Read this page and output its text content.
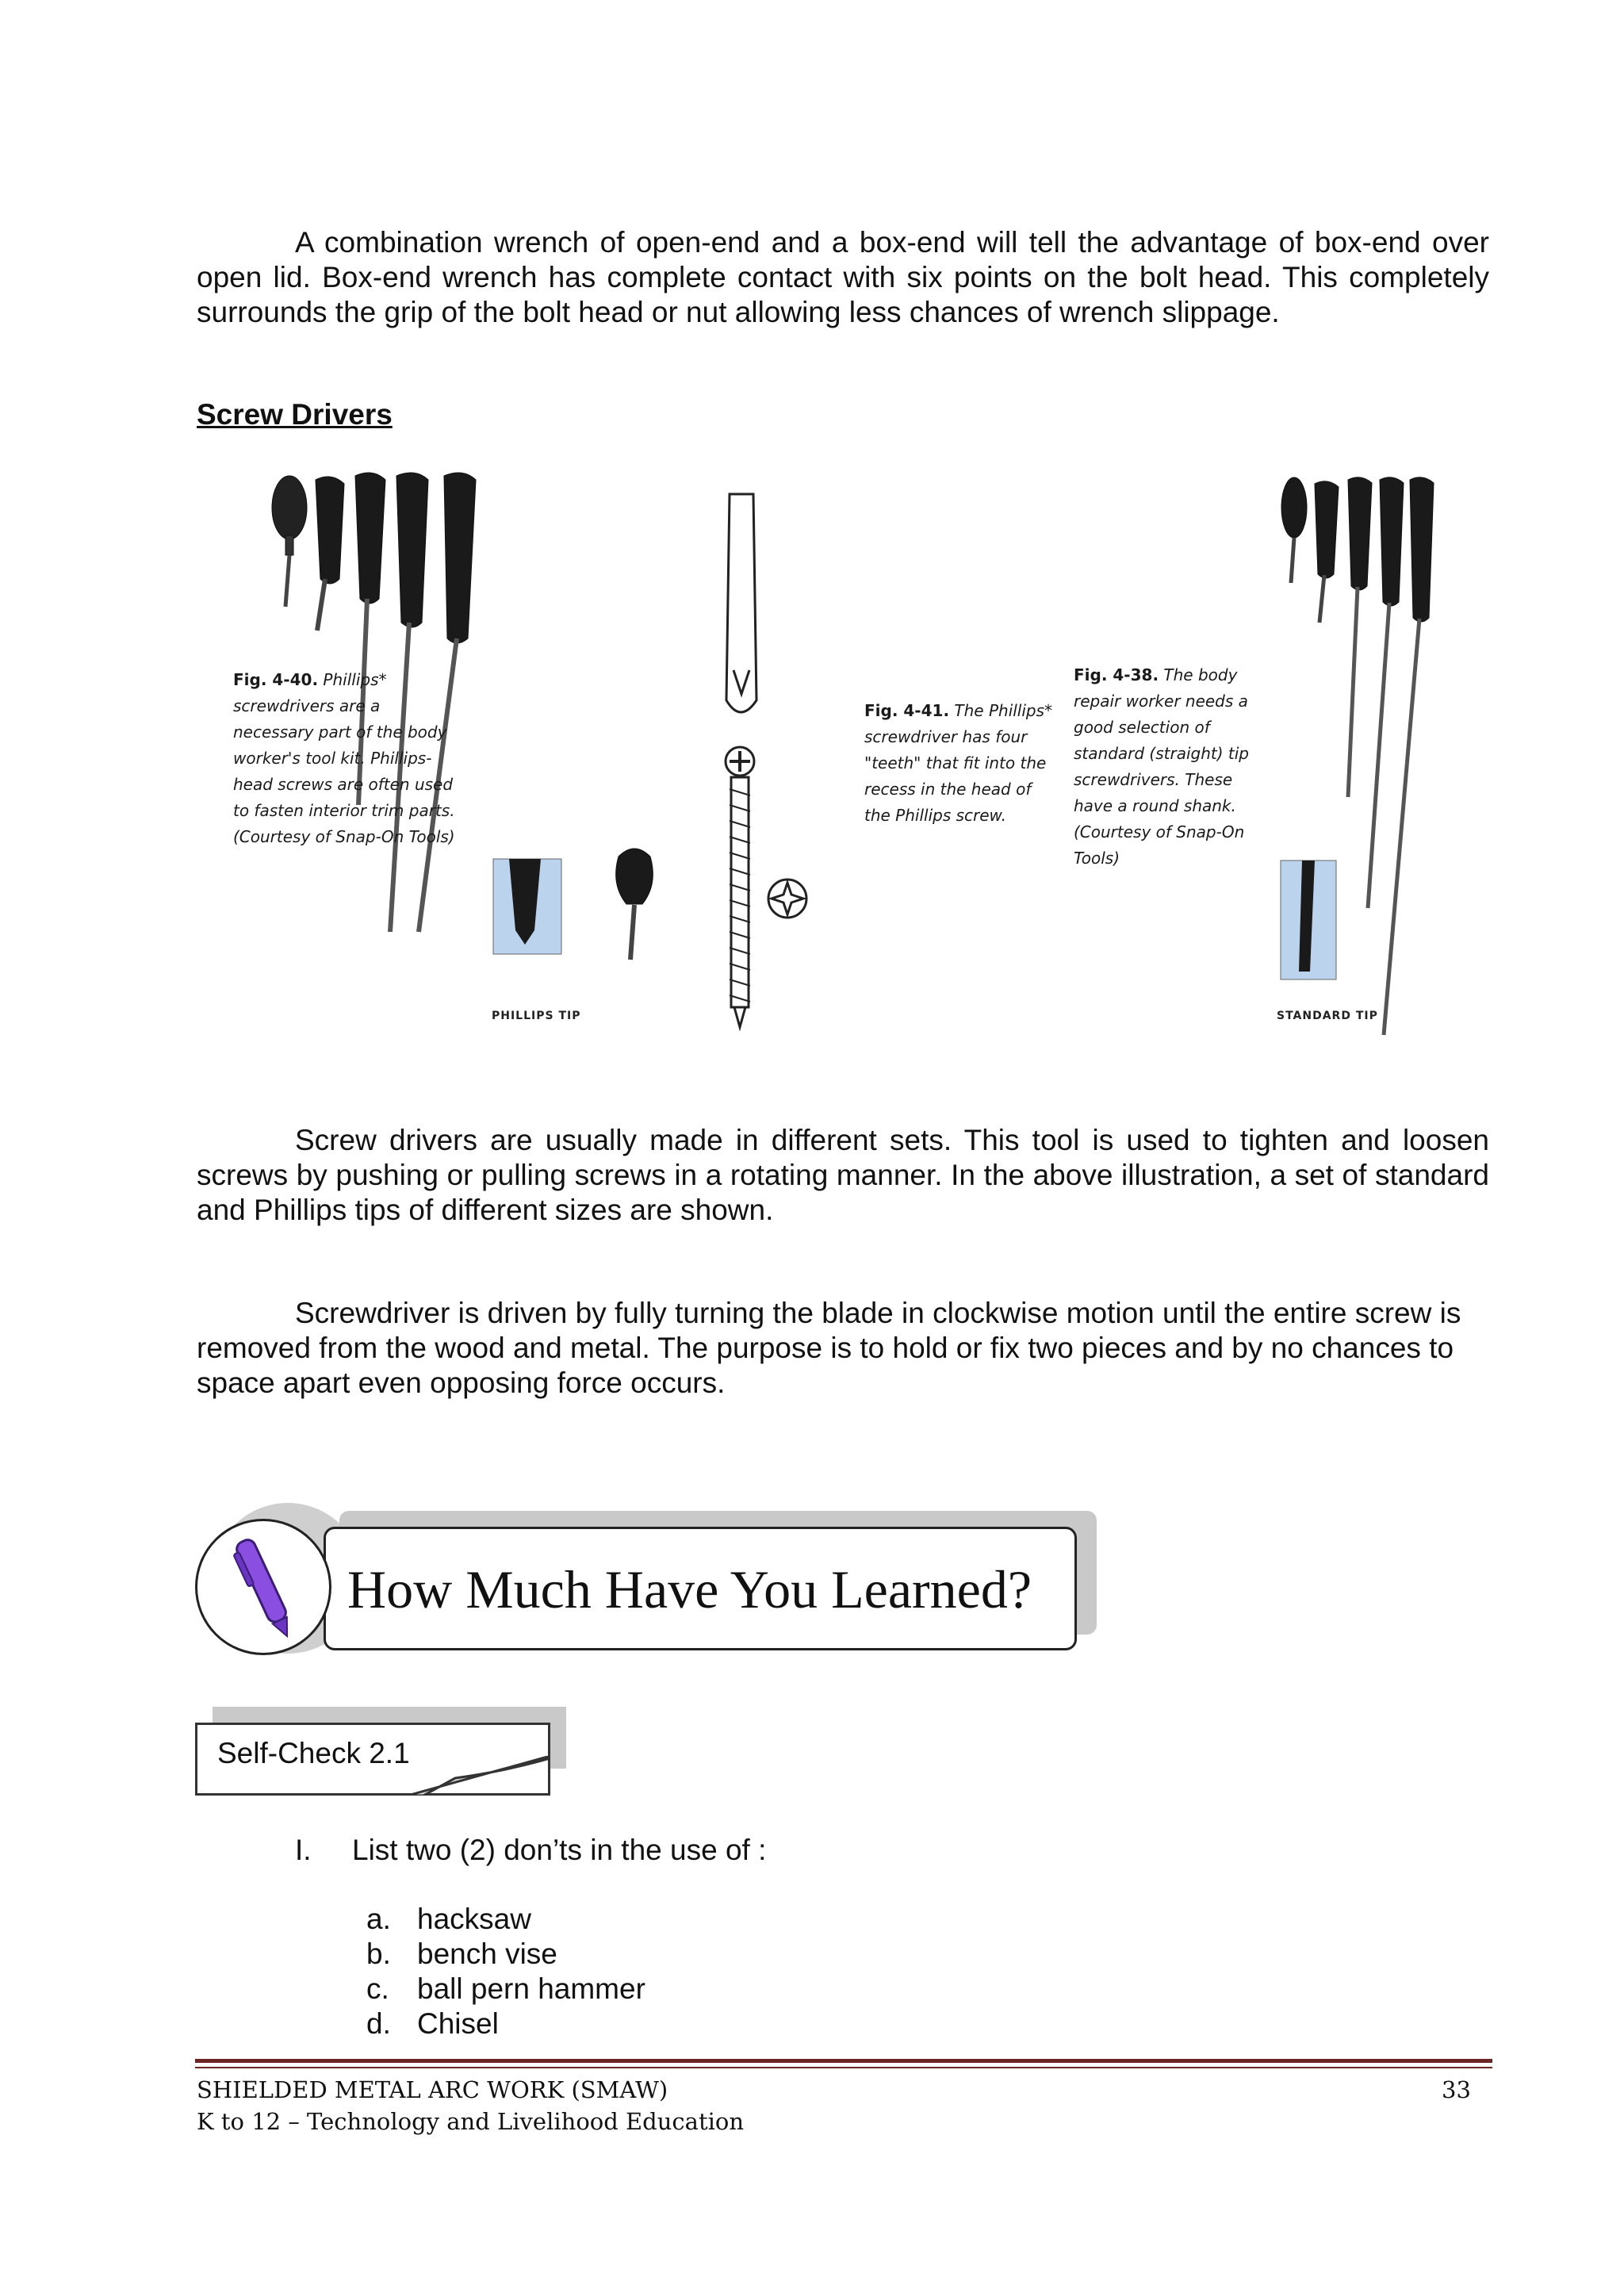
A combination wrench of open-end and a box-end will tell the advantage of box-end over open lid. Box-end wrench has complete contact with six points on the bolt head. This completely surrounds the grip of the bolt head or nut allowing less chances of wrench slippage.

Screw Drivers

Fig. 4-40. Phillips* screwdrivers are a necessary part of the body worker's tool kit. Phillips-head screws are often used to fasten interior trim parts. (Courtesy of Snap-On Tools)

PHILLIPS TIP

Fig. 4-41. The Phillips* screwdriver has four "teeth" that fit into the recess in the head of the Phillips screw.

Fig. 4-38. The body repair worker needs a good selection of standard (straight) tip screwdrivers. These have a round shank. (Courtesy of Snap-On Tools)

STANDARD TIP

Screw drivers are usually made in different sets. This tool is used to tighten and loosen screws by pushing or pulling screws in a rotating manner. In the above illustration, a set of standard and Phillips tips of different sizes are shown.

Screwdriver is driven by fully turning the blade in clockwise motion until the entire screw is removed from the wood and metal. The purpose is to hold or fix two pieces and by no chances to space apart even opposing force occurs.

How Much Have You Learned?

Self-Check 2.1

I. List two (2) don’ts in the use of :
a. hacksaw
b. bench vise
c. ball pern hammer
d. Chisel

SHIELDED METAL ARC WORK (SMAW)

K to 12 – Technology and Livelihood Education

33
